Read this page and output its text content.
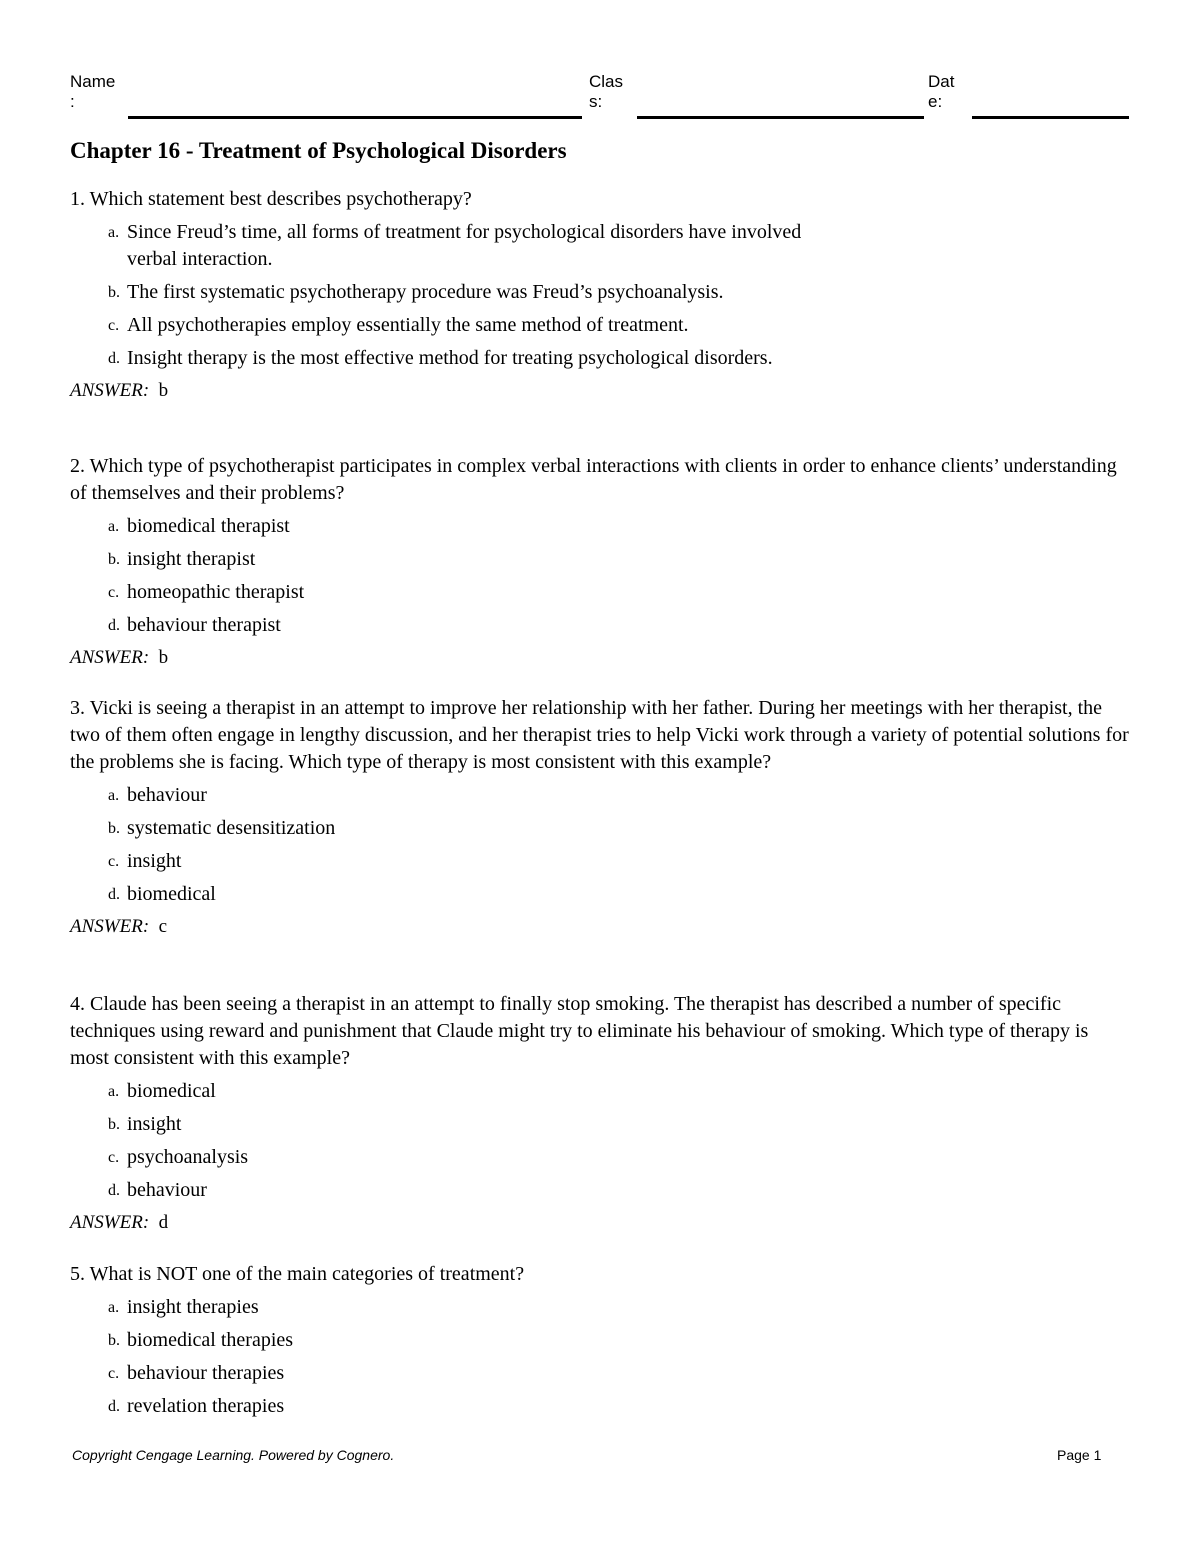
Name
:
Clas
s:
Dat
e:
Chapter 16 - Treatment of Psychological Disorders

1. Which statement best describes psychotherapy?

a. Since Freud’s time, all forms of treatment for psychological disorders have involved verbal interaction.
b. The first systematic psychotherapy procedure was Freud’s psychoanalysis.
c. All psychotherapies employ essentially the same method of treatment.
d. Insight therapy is the most effective method for treating psychological disorders.
ANSWER: b

2. Which type of psychotherapist participates in complex verbal interactions with clients in order to enhance clients’ understanding of themselves and their problems?

a. biomedical therapist
b. insight therapist
c. homeopathic therapist
d. behaviour therapist
ANSWER: b

3. Vicki is seeing a therapist in an attempt to improve her relationship with her father. During her meetings with her therapist, the two of them often engage in lengthy discussion, and her therapist tries to help Vicki work through a variety of potential solutions for the problems she is facing. Which type of therapy is most consistent with this example?

a. behaviour
b. systematic desensitization
c. insight
d. biomedical
ANSWER: c

4. Claude has been seeing a therapist in an attempt to finally stop smoking. The therapist has described a number of specific techniques using reward and punishment that Claude might try to eliminate his behaviour of smoking. Which type of therapy is most consistent with this example?

a. biomedical
b. insight
c. psychoanalysis
d. behaviour
ANSWER: d

5. What is NOT one of the main categories of treatment?

a. insight therapies
b. biomedical therapies
c. behaviour therapies
d. revelation therapies
Copyright Cengage Learning. Powered by Cognero.	Page 1
